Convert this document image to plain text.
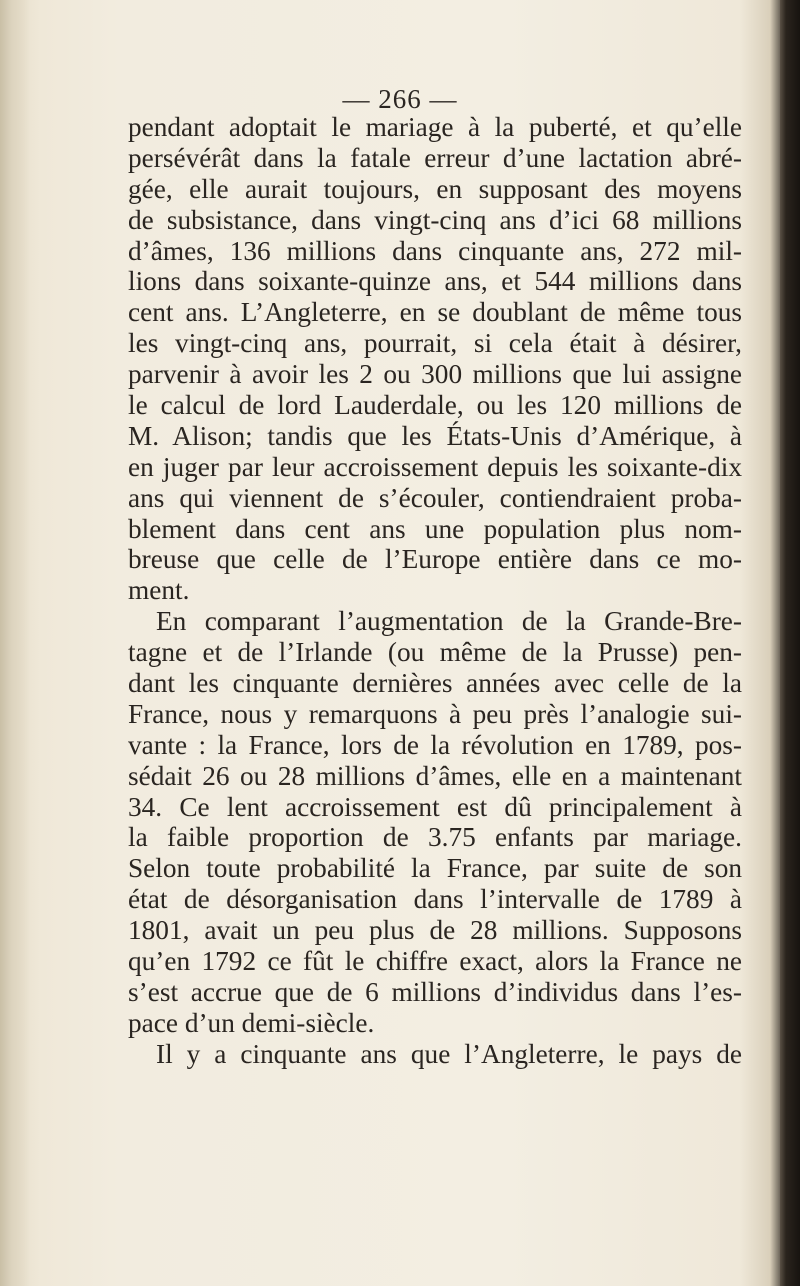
— 266 —
pendant adoptait le mariage à la puberté, et qu’elle
persévérât dans la fatale erreur d’une lactation abré-
gée, elle aurait toujours, en supposant des moyens
de subsistance, dans vingt-cinq ans d’ici 68 millions
d’âmes, 136 millions dans cinquante ans, 272 mil-
lions dans soixante-quinze ans, et 544 millions dans
cent ans. L’Angleterre, en se doublant de même tous
les vingt-cinq ans, pourrait, si cela était à désirer,
parvenir à avoir les 2 ou 300 millions que lui assigne
le calcul de lord Lauderdale, ou les 120 millions de
M. Alison; tandis que les États-Unis d’Amérique, à
en juger par leur accroissement depuis les soixante-dix
ans qui viennent de s’écouler, contiendraient proba-
blement dans cent ans une population plus nom-
breuse que celle de l’Europe entière dans ce mo-
ment.
En comparant l’augmentation de la Grande-Bre-
tagne et de l’Irlande (ou même de la Prusse) pen-
dant les cinquante dernières années avec celle de la
France, nous y remarquons à peu près l’analogie sui-
vante : la France, lors de la révolution en 1789, pos-
sédait 26 ou 28 millions d’âmes, elle en a maintenant
34. Ce lent accroissement est dû principalement à
la faible proportion de 3.75 enfants par mariage.
Selon toute probabilité la France, par suite de son
état de désorganisation dans l’intervalle de 1789 à
1801, avait un peu plus de 28 millions. Supposons
qu’en 1792 ce fût le chiffre exact, alors la France ne
s’est accrue que de 6 millions d’individus dans l’es-
pace d’un demi-siècle.
Il y a cinquante ans que l’Angleterre, le pays de
